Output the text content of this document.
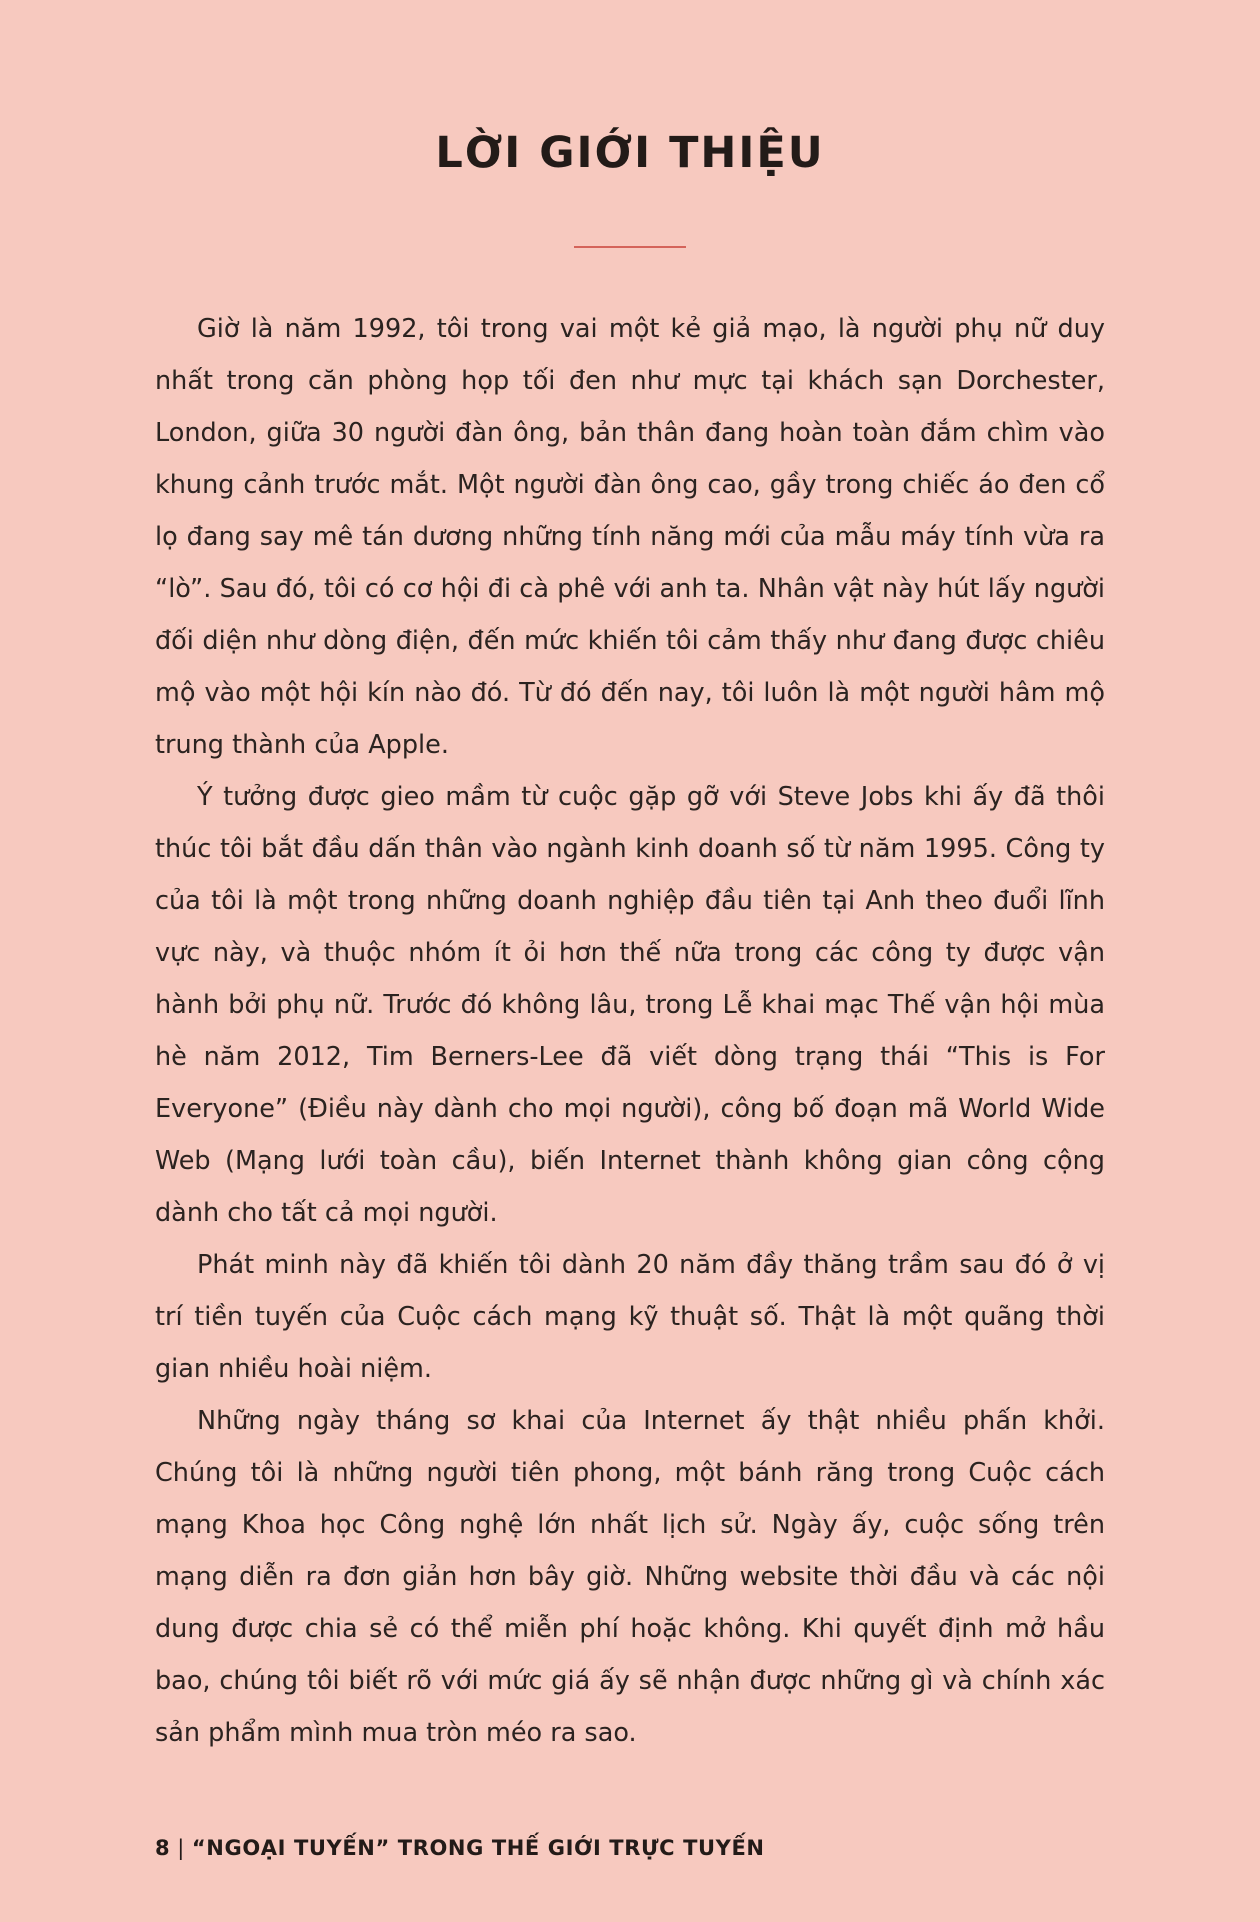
LỜI GIỚI THIỆU

Giờ là năm 1992, tôi trong vai một kẻ giả mạo, là người phụ nữ duy nhất trong căn phòng họp tối đen như mực tại khách sạn Dorchester, London, giữa 30 người đàn ông, bản thân đang hoàn toàn đắm chìm vào khung cảnh trước mắt. Một người đàn ông cao, gầy trong chiếc áo đen cổ lọ đang say mê tán dương những tính năng mới của mẫu máy tính vừa ra “lò”. Sau đó, tôi có cơ hội đi cà phê với anh ta. Nhân vật này hút lấy người đối diện như dòng điện, đến mức khiến tôi cảm thấy như đang được chiêu mộ vào một hội kín nào đó. Từ đó đến nay, tôi luôn là một người hâm mộ trung thành của Apple.

Ý tưởng được gieo mầm từ cuộc gặp gỡ với Steve Jobs khi ấy đã thôi thúc tôi bắt đầu dấn thân vào ngành kinh doanh số từ năm 1995. Công ty của tôi là một trong những doanh nghiệp đầu tiên tại Anh theo đuổi lĩnh vực này, và thuộc nhóm ít ỏi hơn thế nữa trong các công ty được vận hành bởi phụ nữ. Trước đó không lâu, trong Lễ khai mạc Thế vận hội mùa hè năm 2012, Tim Berners-Lee đã viết dòng trạng thái “This is For Everyone” (Điều này dành cho mọi người), công bố đoạn mã World Wide Web (Mạng lưới toàn cầu), biến Internet thành không gian công cộng dành cho tất cả mọi người.

Phát minh này đã khiến tôi dành 20 năm đầy thăng trầm sau đó ở vị trí tiền tuyến của Cuộc cách mạng kỹ thuật số. Thật là một quãng thời gian nhiều hoài niệm.

Những ngày tháng sơ khai của Internet ấy thật nhiều phấn khởi. Chúng tôi là những người tiên phong, một bánh răng trong Cuộc cách mạng Khoa học Công nghệ lớn nhất lịch sử. Ngày ấy, cuộc sống trên mạng diễn ra đơn giản hơn bây giờ. Những website thời đầu và các nội dung được chia sẻ có thể miễn phí hoặc không. Khi quyết định mở hầu bao, chúng tôi biết rõ với mức giá ấy sẽ nhận được những gì và chính xác sản phẩm mình mua tròn méo ra sao.

8 | “NGOẠI TUYẾN” TRONG THẾ GIỚI TRỰC TUYẾN
